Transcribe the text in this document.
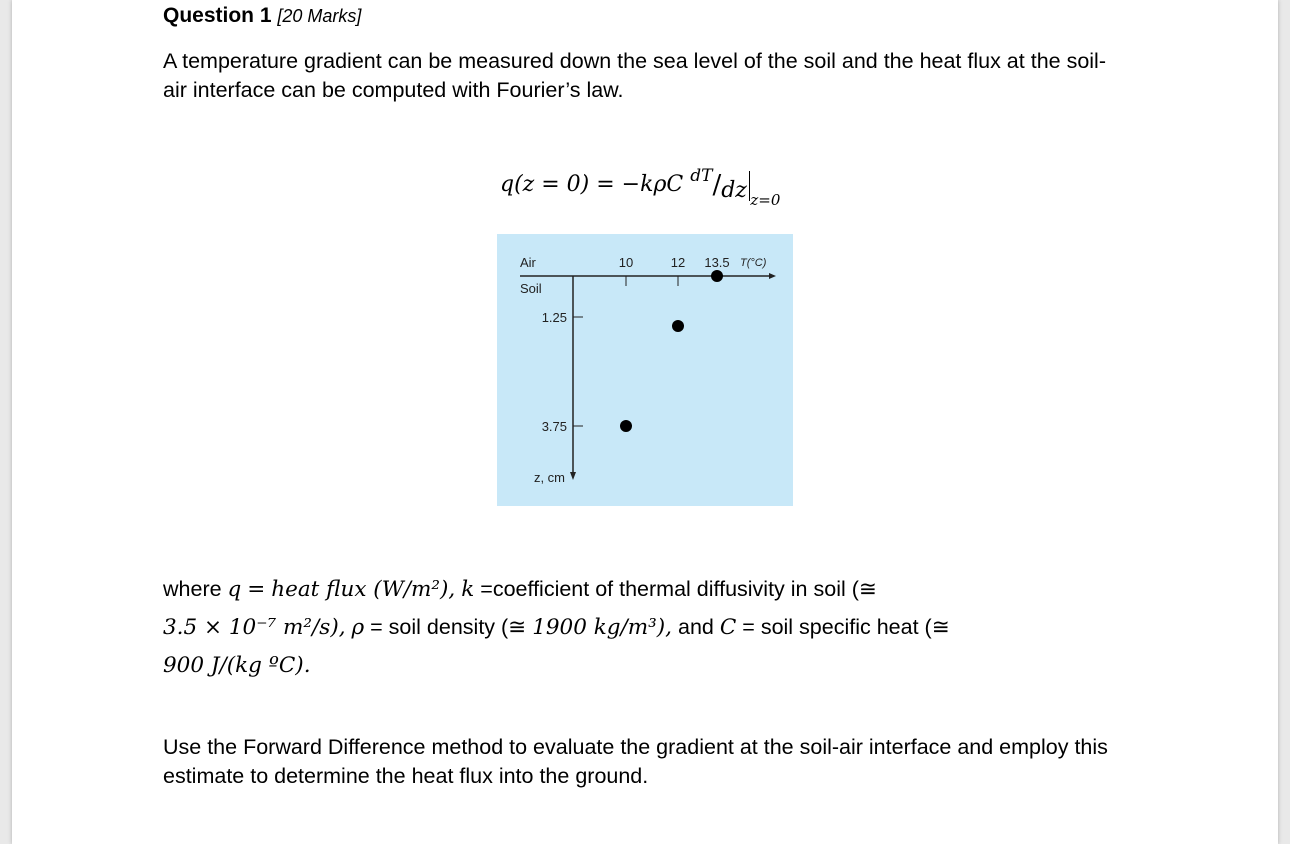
Question 1 [20 Marks]
A temperature gradient can be measured down the sea level of the soil and the heat flux at the soil-air interface can be computed with Fourier’s law.
q(z = 0) = −kρC $^{dT}$/dz $_{z=0}$
Air
Soil
10	12 13.5 T(°C)
1.25
3.75
z, cm
where q = heat flux (W/m²), k =coefficient of thermal diffusivity in soil (≅
3.5 × 10⁻⁷ m²/s), ρ = soil density (≅ 1900 kg/m³), and C = soil specific heat (≅
900 J/(kg ºC).
Use the Forward Difference method to evaluate the gradient at the soil-air interface and employ this estimate to determine the heat flux into the ground.
